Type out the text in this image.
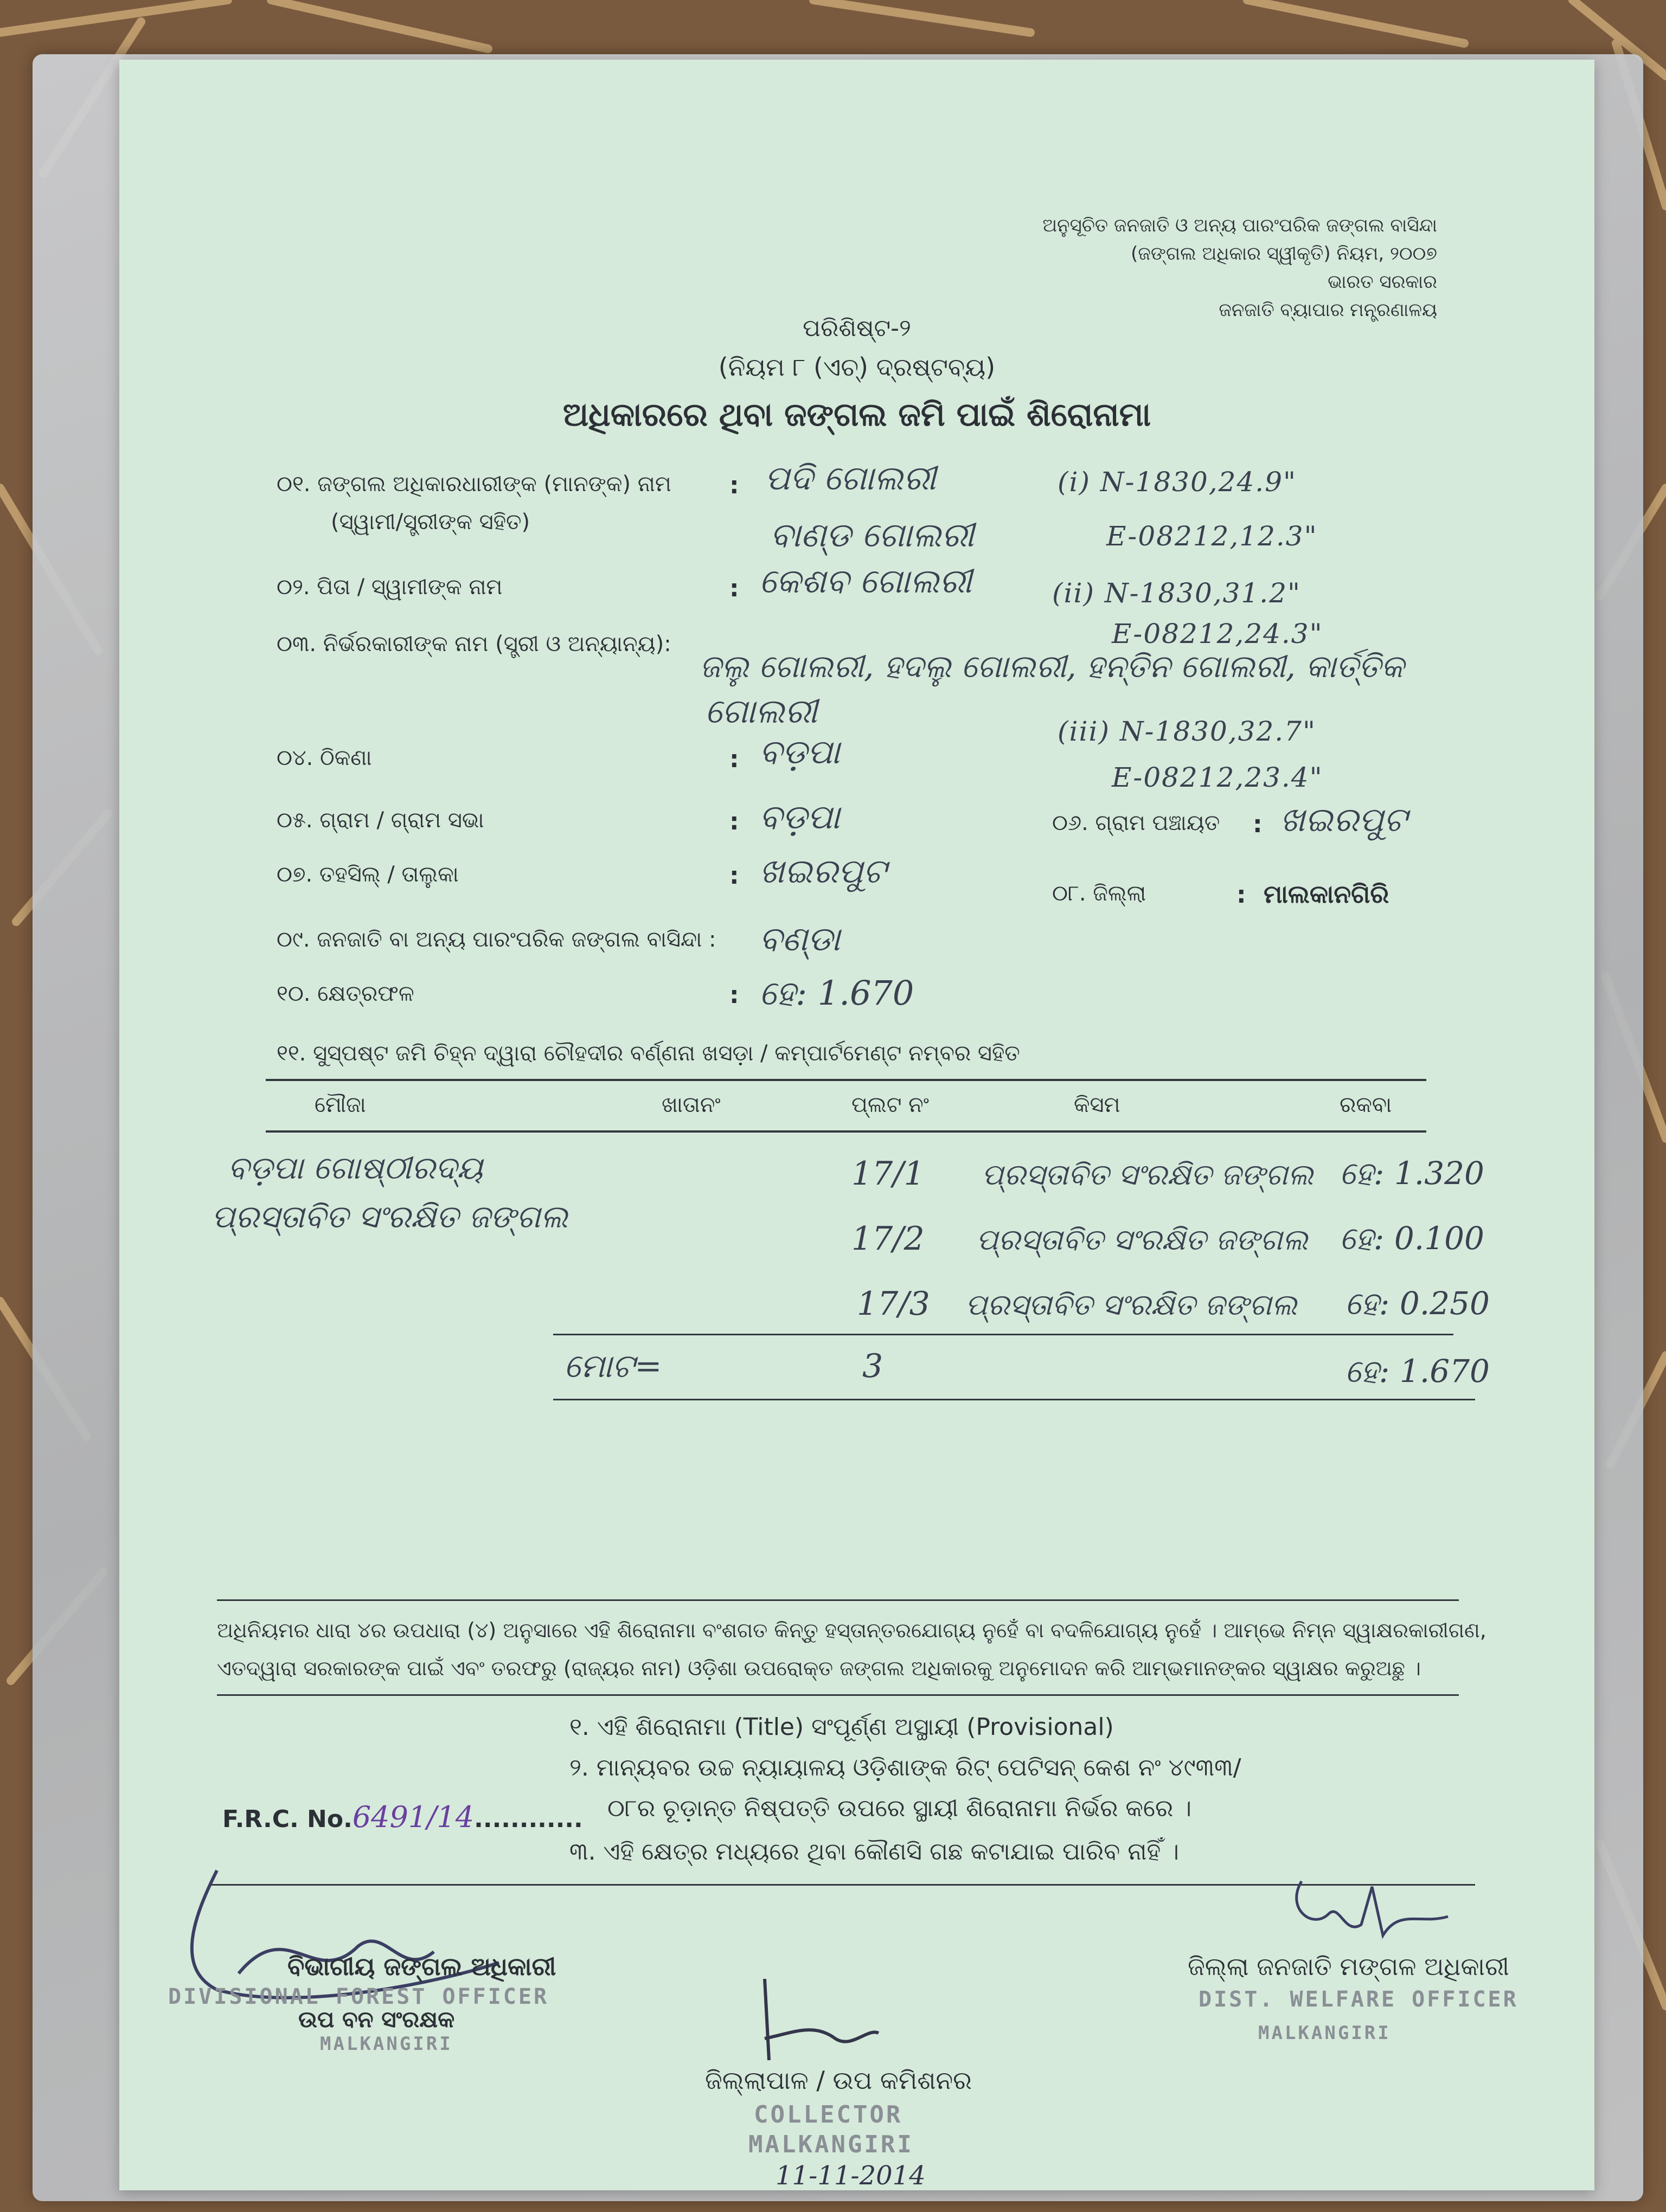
ଅନୁସୂଚିତ ଜନଜାତି ଓ ଅନ୍ୟ ପାରଂପରିକ ଜଙ୍ଗଲ ବାସିନ୍ଦା
(ଜଙ୍ଗଲ ଅଧିକାର ସ୍ୱୀକୃତି) ନିୟମ, ୨୦୦୭
ଭାରତ ସରକାର
ଜନଜାତି ବ୍ୟାପାର ମନ୍ତ୍ରଣାଳୟ
ପରିଶିଷ୍ଟ-୨
(ନିୟମ ୮ (ଏଚ୍) ଦ୍ରଷ୍ଟବ୍ୟ)
ଅଧିକାରରେ ଥିବା ଜଙ୍ଗଲ ଜମି ପାଇଁ ଶିରୋନାମା
୦୧. ଜଙ୍ଗଲ ଅଧିକାରଧାରୀଙ୍କ (ମାନଙ୍କ) ନାମ
(ସ୍ୱାମୀ/ସ୍ତ୍ରୀଙ୍କ ସହିତ)
: ପଦି ଗୋଲରୀ
ବାଣ୍ଡ ଗୋଲରୀ
୦୨. ପିତା / ସ୍ୱାମୀଙ୍କ ନାମ	: କେଶବ ଗୋଲରୀ
୦୩. ନିର୍ଭରକାରୀଙ୍କ ନାମ (ସ୍ତ୍ରୀ ଓ ଅନ୍ୟାନ୍ୟ):
ଜଲୁ ଗୋଲରୀ, ହଦଲୁ ଗୋଲରୀ, ହନ୍ତିନ ଗୋଲରୀ, କାର୍ତ୍ତିକ
ଗୋଲରୀ
୦୪. ଠିକଣା	: ବଡ଼ପା
୦୫. ଗ୍ରାମ / ଗ୍ରାମ ସଭା	: ବଡ଼ପା	୦୬. ଗ୍ରାମ ପଞ୍ଚାୟତ : ଖଇରପୁଟ
୦୭. ତହସିଲ୍ / ତାଲୁକା	: ଖଇରପୁଟ
୦୮. ଜିଲ୍ଲା	: ମାଲକାନଗିରି
୦୯. ଜନଜାତି ବା ଅନ୍ୟ ପାରଂପରିକ ଜଙ୍ଗଲ ବାସିନ୍ଦା : ବଣ୍ଡା
୧୦. କ୍ଷେତ୍ରଫଳ	: ହେ: 1.670
(i) N-1830,24.9"
E-08212,12.3"
(ii) N-1830,31.2"
E-08212,24.3"
(iii) N-1830,32.7"
E-08212,23.4"
୧୧. ସୁସ୍ପଷ୍ଟ ଜମି ଚିହ୍ନ ଦ୍ୱାରା ଚୌହଦୀର ବର୍ଣ୍ଣନା ଖସଡ଼ା / କମ୍ପାର୍ଟମେଣ୍ଟ ନମ୍ବର ସହିତ
ମୌଜା	ଖାତାନଂ	ପ୍ଲଟ ନଂ	କିସମ	ରକବା
ବଡ଼ପା ଗୋଷ୍ଠୀରଦ୍ୟ
ପ୍ରସ୍ତାବିତ ସଂରକ୍ଷିତ ଜଙ୍ଗଲ
17/1 ପ୍ରସ୍ତାବିତ ସଂରକ୍ଷିତ ଜଙ୍ଗଲ ହେ: 1.320
17/2 ପ୍ରସ୍ତାବିତ ସଂରକ୍ଷିତ ଜଙ୍ଗଲ ହେ: 0.100
17/3 ପ୍ରସ୍ତାବିତ ସଂରକ୍ଷିତ ଜଙ୍ଗଲ ହେ: 0.250
ମୋଟ=	3	ହେ: 1.670
ଅଧିନିୟମର ଧାରା ୪ର ଉପଧାରା (୪) ଅନୁସାରେ ଏହି ଶିରୋନାମା ବଂଶଗତ କିନ୍ତୁ ହସ୍ତାନ୍ତରଯୋଗ୍ୟ ନୁହେଁ ବା ବଦଳିଯୋଗ୍ୟ ନୁହେଁ । ଆମ୍ଭେ ନିମ୍ନ ସ୍ୱାକ୍ଷରକାରୀଗଣ,
ଏତଦ୍ୱାରା ସରକାରଙ୍କ ପାଇଁ ଏବଂ ତରଫରୁ (ରାଜ୍ୟର ନାମ) ଓଡ଼ିଶା ଉପରୋକ୍ତ ଜଙ୍ଗଲ ଅଧିକାରକୁ ଅନୁମୋଦନ କରି ଆମ୍ଭମାନଙ୍କର ସ୍ୱାକ୍ଷର କରୁଅଛୁ ।
୧. ଏହି ଶିରୋନାମା (Title) ସଂପୂର୍ଣ୍ଣ ଅସ୍ଥାୟୀ (Provisional)
୨. ମାନ୍ୟବର ଉଚ୍ଚ ନ୍ୟାୟାଳୟ ଓଡ଼ିଶାଙ୍କ ରିଟ୍ ପେଟିସନ୍ କେଶ ନଂ ୪୯୩୩/
୦୮ର ଚୂଡ଼ାନ୍ତ ନିଷ୍ପତ୍ତି ଉପରେ ସ୍ଥାୟୀ ଶିରୋନାମା ନିର୍ଭର କରେ ।
୩. ଏହି କ୍ଷେତ୍ର ମଧ୍ୟରେ ଥିବା କୌଣସି ଗଛ କଟାଯାଇ ପାରିବ ନାହିଁ ।
F.R.C. No.6491/14............
ବିଭାଗୀୟ ଜଙ୍ଗଲ ଅଧିକାରୀ
DIVISIONAL FOREST OFFICER
ଉପ ବନ ସଂରକ୍ଷକ
MALKANGIRI
ଜିଲ୍ଲା ଜନଜାତି ମଙ୍ଗଳ ଅଧିକାରୀ
DIST. WELFARE OFFICER
MALKANGIRI
ଜିଲ୍ଲାପାଳ / ଉପ କମିଶନର
COLLECTOR
MALKANGIRI
11-11-2014
